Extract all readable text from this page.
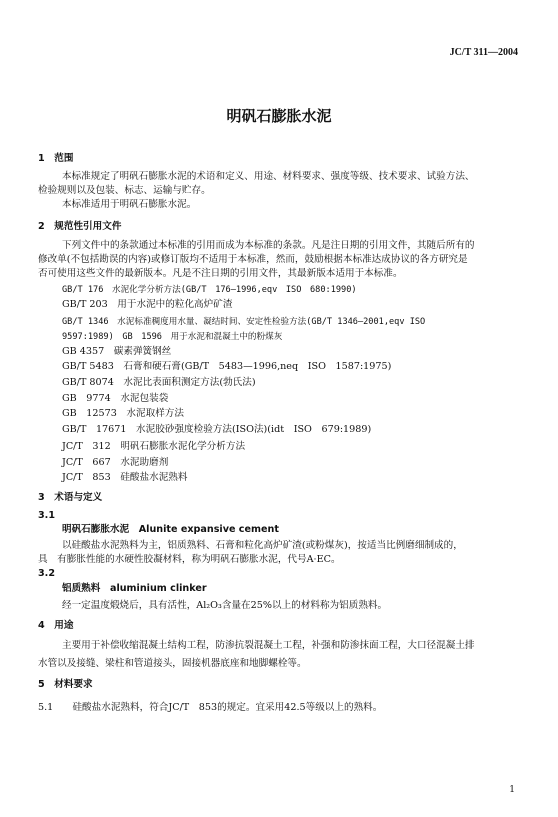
JC/T 311—2004
明矾石膨胀水泥
1　范围
本标准规定了明矾石膨胀水泥的术语和定义、用途、材料要求、强度等级、技术要求、试验方法、
检验规则以及包装、标志、运输与贮存。
本标准适用于明矾石膨胀水泥。
2　规范性引用文件
下列文件中的条款通过本标准的引用而成为本标准的条款。凡是注日期的引用文件，其随后所有的
修改单(不包括勘误的内容)或修订版均不适用于本标准，然而，鼓励根据本标准达成协议的各方研究是
否可使用这些文件的最新版本。凡是不注日期的引用文件，其最新版本适用于本标准。
GB/T 176　水泥化学分析方法(GB/T　176—1996,eqv　ISO　680:1990)
GB/T 203　用于水泥中的粒化高炉矿渣
GB/T 1346　水泥标准稠度用水量、凝结时间、安定性检验方法(GB/T 1346—2001,eqv ISO
9597:1989)　GB　1596　用于水泥和混凝土中的粉煤灰
GB 4357　碳素弹簧钢丝
GB/T 5483　石膏和硬石膏(GB/T　5483—1996,neq　ISO　1587:1975)
GB/T 8074　水泥比表面积测定方法(勃氏法)
GB　9774　水泥包装袋
GB　12573　水泥取样方法
GB/T　17671　水泥胶砂强度检验方法(ISO法)(idt　ISO　679:1989)
JC/T　312　明矾石膨胀水泥化学分析方法
JC/T　667　水泥助磨剂
JC/T　853　硅酸盐水泥熟料
3　术语与定义
3.1
明矾石膨胀水泥　Alunite expansive cement
以硅酸盐水泥熟料为主，铝质熟料、石膏和粒化高炉矿渣(或粉煤灰)，按适当比例磨细制成的，
具　有膨胀性能的水硬性胶凝材料，称为明矾石膨胀水泥，代号A·EC。
3.2
铝质熟料　aluminium clinker
经一定温度煅烧后，具有活性，Al₂O₃含量在25%以上的材料称为铝质熟料。
4　用途
主要用于补偿收缩混凝土结构工程，防渗抗裂混凝土工程，补强和防渗抹面工程，大口径混凝土排
水管以及接缝、梁柱和管道接头，固接机器底座和地脚螺栓等。
5　材料要求
5.1　　硅酸盐水泥熟料，符合JC/T　853的规定。宜采用42.5等级以上的熟料。
1
